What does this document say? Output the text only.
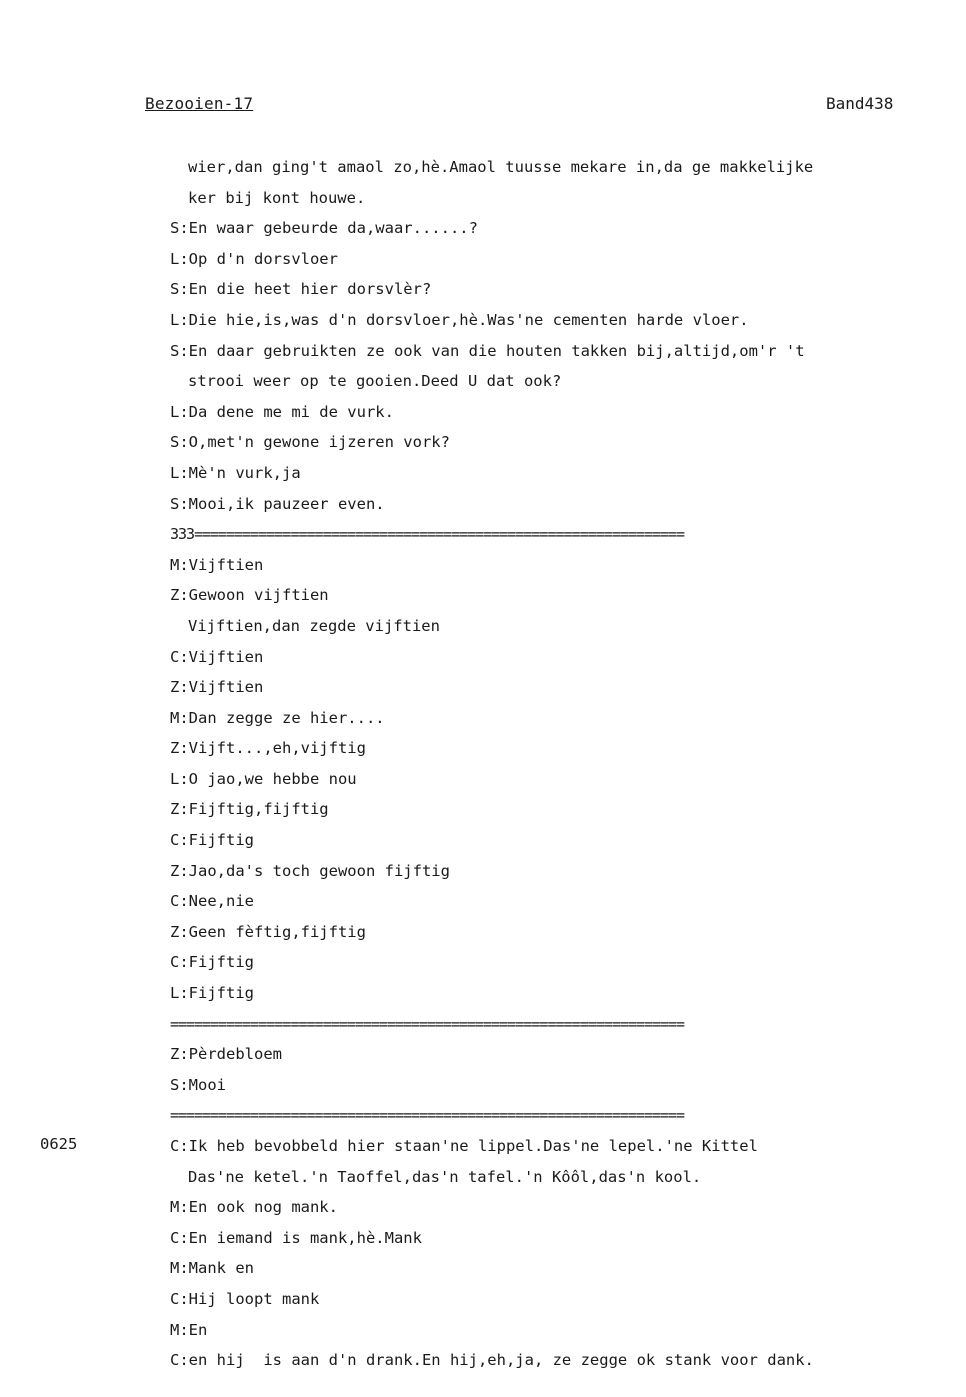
Bezooien-17	Band438
0625
wier,dan ging't amaol zo,hè.Amaol tuusse mekare in,da ge makkelijke
ker bij kont houwe.
S:En waar gebeurde da,waar......?
L:Op d'n dorsvloer
S:En die heet hier dorsvlèr?
L:Die hie,is,was d'n dorsvloer,hè.Was'ne cementen harde vloer.
S:En daar gebruikten ze ook van die houten takken bij,altijd,om'r 't
strooi weer op te gooien.Deed U dat ook?
L:Da dene me mi de vurk.
S:O,met'n gewone ijzeren vork?
L:Mè'n vurk,ja
S:Mooi,ik pauzeer even.
333=============================================================
M:Vijftien
Z:Gewoon vijftien
Vijftien,dan zegde vijftien
C:Vijftien
Z:Vijftien
M:Dan zegge ze hier....
Z:Vijft...,eh,vijftig
L:O jao,we hebbe nou
Z:Fijftig,fijftig
C:Fijftig
Z:Jao,da's toch gewoon fijftig
C:Nee,nie
Z:Geen fèftig,fijftig
C:Fijftig
L:Fijftig
================================================================
Z:Pèrdebloem
S:Mooi
================================================================
C:Ik heb bevobbeld hier staan'ne lippel.Das'ne lepel.'ne Kittel
Das'ne ketel.'n Taoffel,das'n tafel.'n Kôôl,das'n kool.
M:En ook nog mank.
C:En iemand is mank,hè.Mank
M:Mank en
C:Hij loopt mank
M:En
C:en hij  is aan d'n drank.En hij,eh,ja, ze zegge ok stank voor dank.
